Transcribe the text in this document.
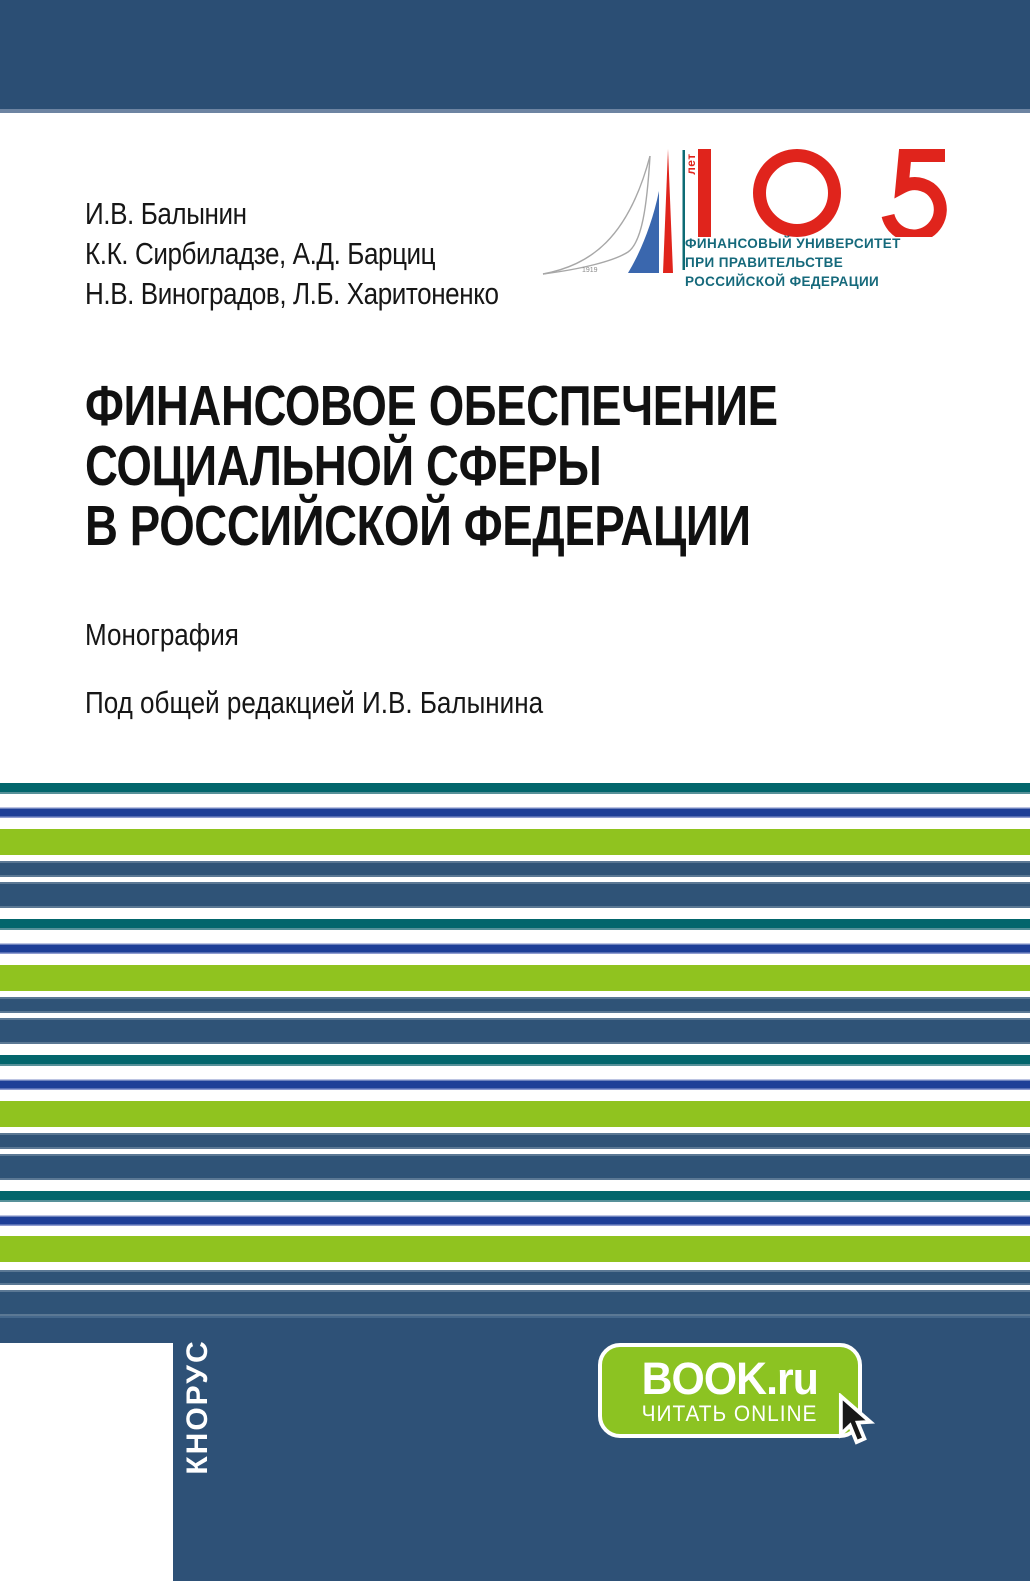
И.В. Балынин
К.К. Сирбиладзе, А.Д. Барциц
Н.В. Виноградов, Л.Б. Харитоненко
1919
лет
ФИНАНСОВЫЙ УНИВЕРСИТЕТ
ПРИ ПРАВИТЕЛЬСТВЕ
РОССИЙСКОЙ ФЕДЕРАЦИИ
ФИНАНСОВОЕ ОБЕСПЕЧЕНИЕ
СОЦИАЛЬНОЙ СФЕРЫ
В РОССИЙСКОЙ ФЕДЕРАЦИИ
Монография
Под общей редакцией И.В. Балынина
КНОРУС	BOOK.ru
ЧИТАТЬ ONLINE
